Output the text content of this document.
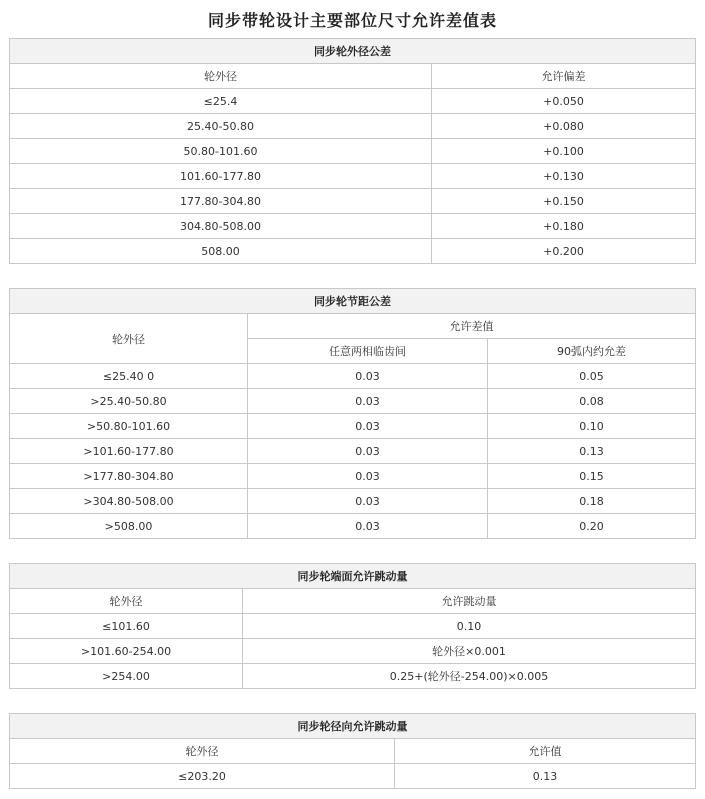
同步带轮设计主要部位尺寸允许差值表
同步轮外径公差	
轮外径	允许偏差
≤25.4	+0.050
25.40-50.80	+0.080
50.80-101.60	+0.100
101.60-177.80	+0.130
177.80-304.80	+0.150
304.80-508.00	+0.180
508.00	+0.200
同步轮节距公差		
轮外径	允许差值	
	任意两相临齿间	90弧内约允差
≤25.40 0	0.03	0.05
>25.40-50.80	0.03	0.08
>50.80-101.60	0.03	0.10
>101.60-177.80	0.03	0.13
>177.80-304.80	0.03	0.15
>304.80-508.00	0.03	0.18
>508.00	0.03	0.20
同步轮端面允许跳动量	
轮外径	允许跳动量
≤101.60	0.10
>101.60-254.00	轮外径×0.001
>254.00	0.25+(轮外径-254.00)×0.005
同步轮径向允许跳动量	
轮外径	允许值
≤203.20	0.13
